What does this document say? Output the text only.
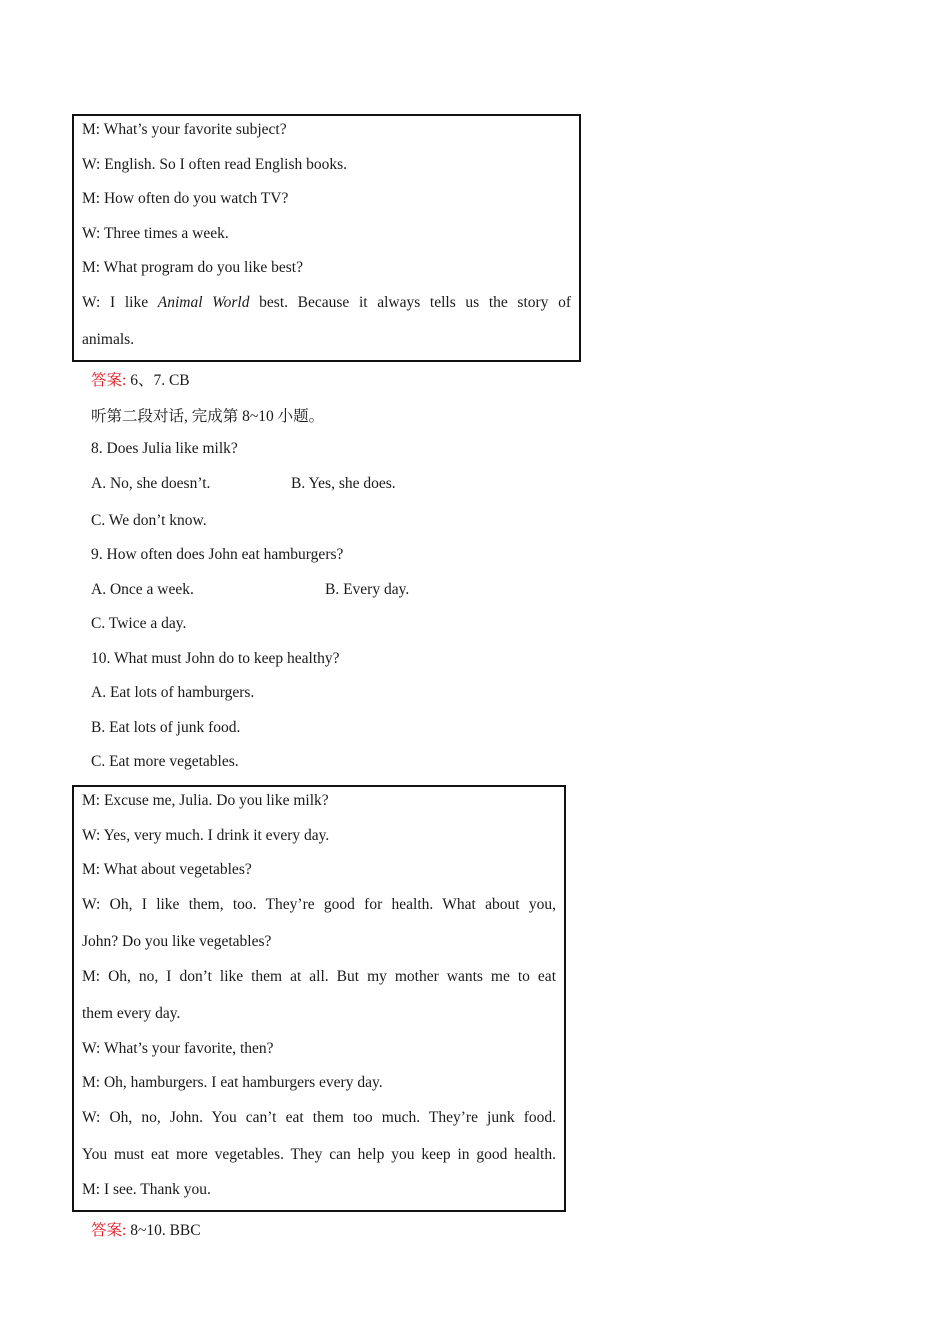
M: What’s your favorite subject?
W: English. So I often read English books.
M: How often do you watch TV?
W: Three times a week.
M: What program do you like best?
W: I like Animal World best. Because it always tells us the story of
animals.
答案: 6、7. CB
听第二段对话, 完成第 8~10 小题。
8. Does Julia like milk?
A. No, she doesn’t.	B. Yes, she does.
C. We don’t know.
9. How often does John eat hamburgers?
A. Once a week.	B. Every day.
C. Twice a day.
10. What must John do to keep healthy?
A. Eat lots of hamburgers.
B. Eat lots of junk food.
C. Eat more vegetables.
M: Excuse me, Julia. Do you like milk?
W: Yes, very much. I drink it every day.
M: What about vegetables?
W: Oh, I like them, too. They’re good for health. What about you,
John? Do you like vegetables?
M: Oh, no, I don’t like them at all. But my mother wants me to eat
them every day.
W: What’s your favorite, then?
M: Oh, hamburgers. I eat hamburgers every day.
W: Oh, no, John. You can’t eat them too much. They’re junk food.
You must eat more vegetables. They can help you keep in good health.
M: I see. Thank you.
答案: 8~10. BBC
